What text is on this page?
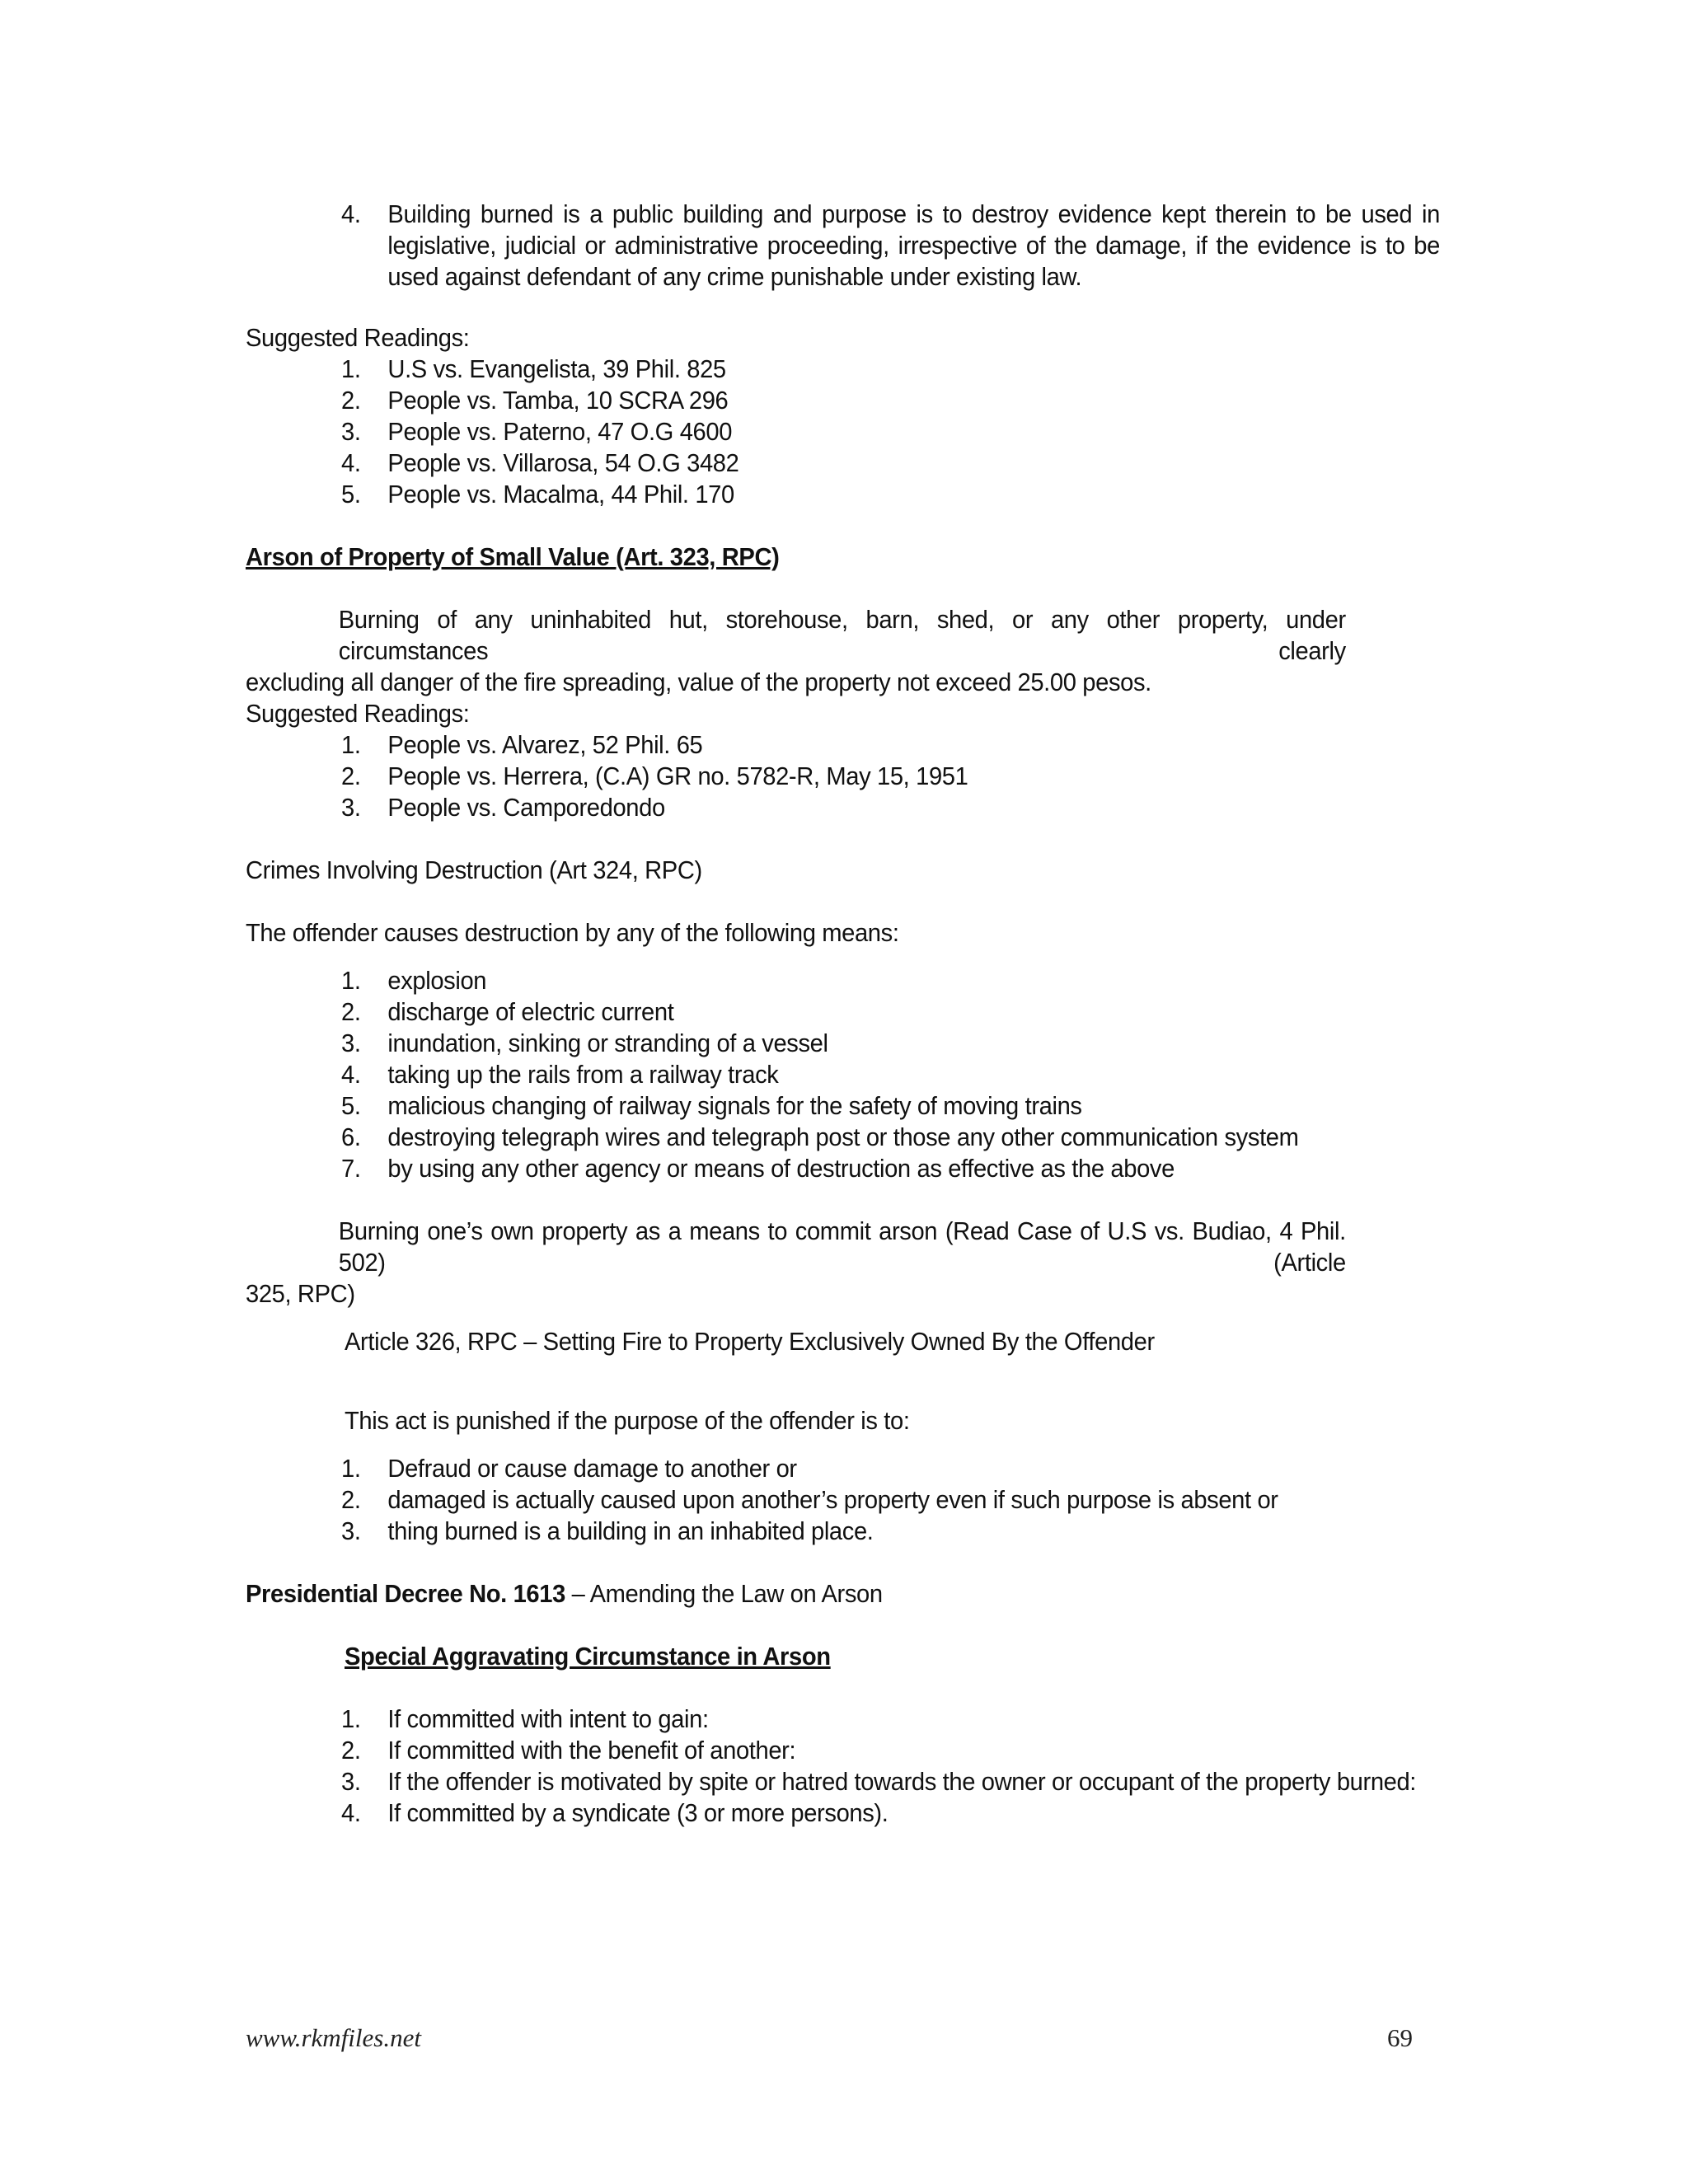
4.	Building burned is a public building and purpose is to destroy evidence kept therein to be used in
legislative, judicial or administrative proceeding, irrespective of the damage, if the evidence is to be
used against defendant of any crime punishable under existing law.
Suggested Readings:
1.	U.S vs. Evangelista, 39 Phil. 825
2.	People vs. Tamba, 10 SCRA 296
3.	People vs. Paterno, 47 O.G 4600
4.	People vs. Villarosa, 54 O.G 3482
5.	People vs. Macalma, 44 Phil. 170
Arson of Property of Small Value (Art. 323, RPC)
Burning of any uninhabited hut, storehouse, barn, shed, or any other property, under circumstances clearly
excluding all danger of the fire spreading, value of the property not exceed 25.00 pesos.
Suggested Readings:
1.	People vs. Alvarez, 52 Phil. 65
2.	People vs. Herrera, (C.A) GR no. 5782-R, May 15, 1951
3.	People vs. Camporedondo
Crimes Involving Destruction (Art 324, RPC)
The offender causes destruction by any of the following means:
1.	explosion
2.	discharge of electric current
3.	inundation, sinking or stranding of a vessel
4.	taking up the rails from a railway track
5.	malicious changing of railway signals for the safety of moving trains
6.	destroying telegraph wires and telegraph post or those any other communication system
7.	by using any other agency or means of destruction as effective as the above
Burning one’s own property as a means to commit arson (Read Case of U.S vs. Budiao, 4 Phil. 502) (Article
325, RPC)
Article 326, RPC – Setting Fire to Property Exclusively Owned By the Offender
This act is punished if the purpose of the offender is to:
1.	Defraud or cause damage to another or
2.	damaged is actually caused upon another’s property even if such purpose is absent or
3.	thing burned is a building in an inhabited place.
Presidential Decree No. 1613 – Amending the Law on Arson
Special Aggravating Circumstance in Arson
1.	If committed with intent to gain:
2.	If committed with the benefit of another:
3.	If the offender is motivated by spite or hatred towards the owner or occupant of the property burned:
4.	If committed by a syndicate (3 or more persons).
www.rkmfiles.net	69
